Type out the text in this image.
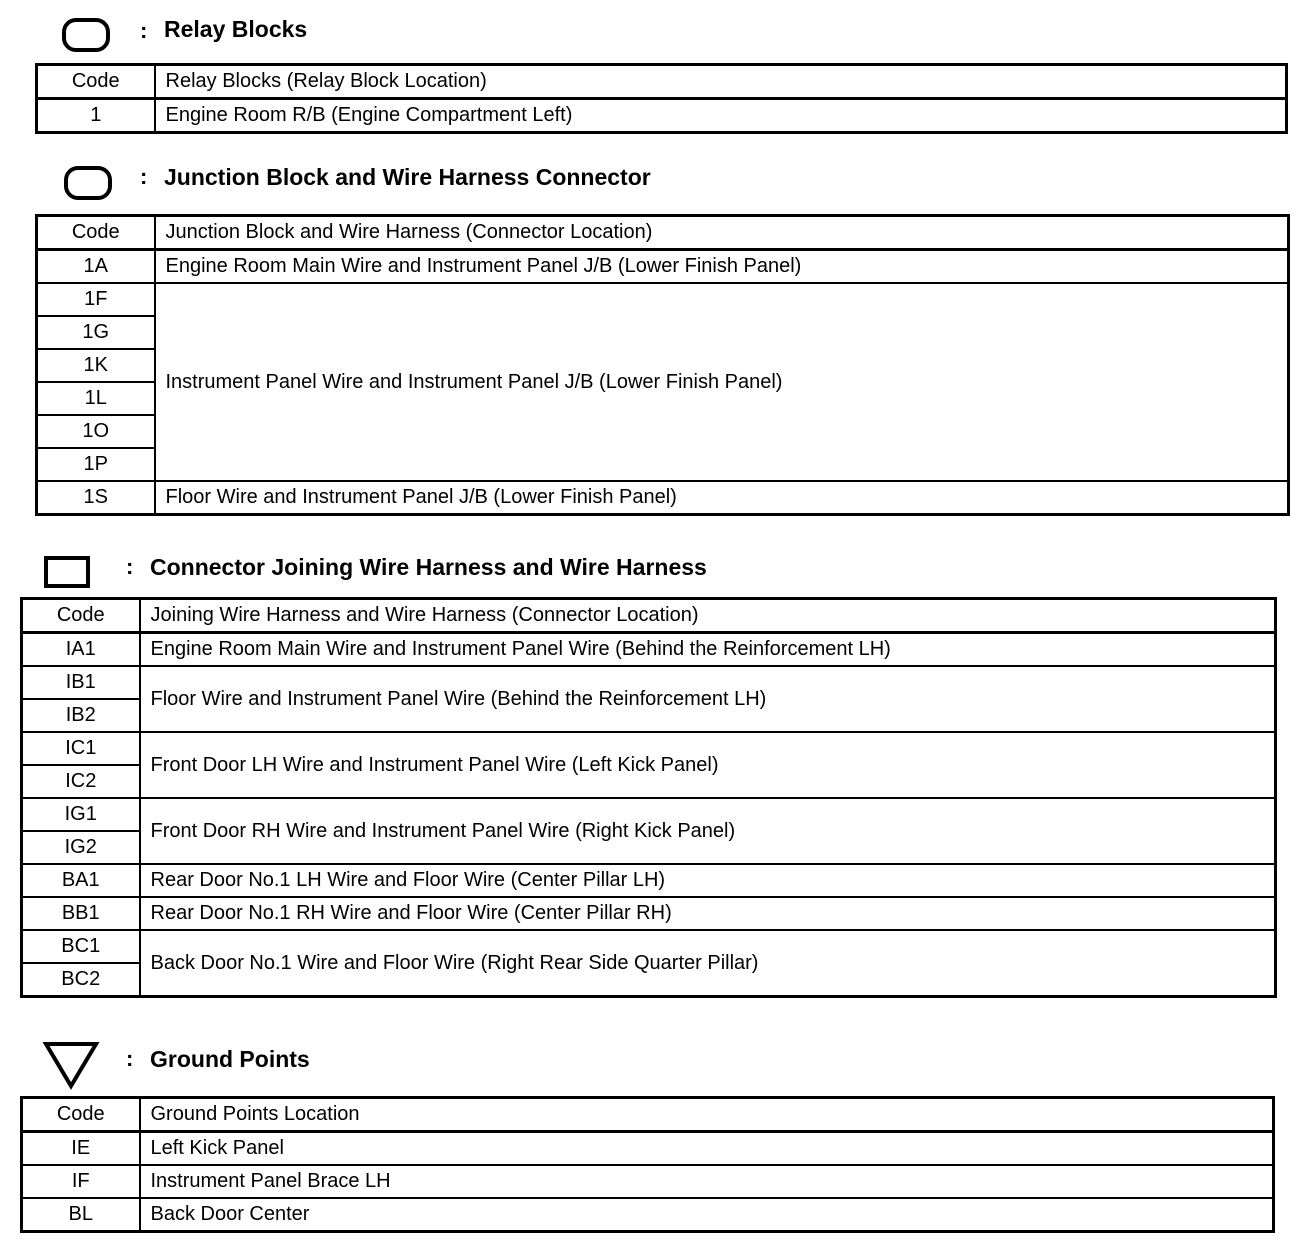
: Relay Blocks
Code	Relay Blocks (Relay Block Location)
1	Engine Room R/B (Engine Compartment Left)
: Junction Block and Wire Harness Connector
Code	Junction Block and Wire Harness (Connector Location)
1A	Engine Room Main Wire and Instrument Panel J/B (Lower Finish Panel)
1F	Instrument Panel Wire and Instrument Panel J/B (Lower Finish Panel)
1G	
1K	
1L	
1O	
1P	
1S	Floor Wire and Instrument Panel J/B (Lower Finish Panel)
: Connector Joining Wire Harness and Wire Harness
Code	Joining Wire Harness and Wire Harness (Connector Location)
IA1	Engine Room Main Wire and Instrument Panel Wire (Behind the Reinforcement LH)
IB1	Floor Wire and Instrument Panel Wire (Behind the Reinforcement LH)
IB2	
IC1	Front Door LH Wire and Instrument Panel Wire (Left Kick Panel)
IC2	
IG1	Front Door RH Wire and Instrument Panel Wire (Right Kick Panel)
IG2	
BA1	Rear Door No.1 LH Wire and Floor Wire (Center Pillar LH)
BB1	Rear Door No.1 RH Wire and Floor Wire (Center Pillar RH)
BC1	Back Door No.1 Wire and Floor Wire (Right Rear Side Quarter Pillar)
BC2	
: Ground Points
Code	Ground Points Location
IE	Left Kick Panel
IF	Instrument Panel Brace LH
BL	Back Door Center
